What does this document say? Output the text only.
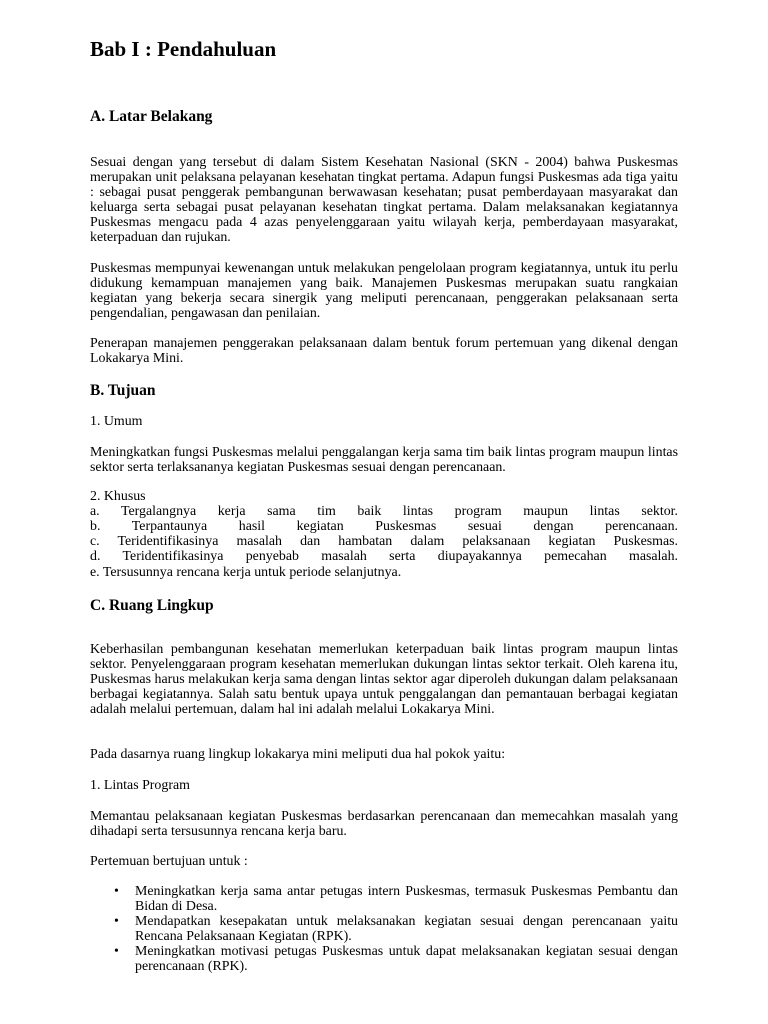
Bab I : Pendahuluan
A. Latar Belakang

Sesuai dengan yang tersebut di dalam Sistem Kesehatan Nasional (SKN - 2004) bahwa Puskesmas merupakan unit pelaksana pelayanan kesehatan tingkat pertama. Adapun fungsi Puskesmas ada tiga yaitu : sebagai pusat penggerak pembangunan berwawasan kesehatan; pusat pemberdayaan masyarakat dan keluarga serta sebagai pusat pelayanan kesehatan tingkat pertama. Dalam melaksanakan kegiatannya Puskesmas mengacu pada 4 azas penyelenggaraan yaitu wilayah kerja, pemberdayaan masyarakat, keterpaduan dan rujukan.

Puskesmas mempunyai kewenangan untuk melakukan pengelolaan program kegiatannya, untuk itu perlu didukung kemampuan manajemen yang baik. Manajemen Puskesmas merupakan suatu rangkaian kegiatan yang bekerja secara sinergik yang meliputi perencanaan, penggerakan pelaksanaan serta pengendalian, pengawasan dan penilaian.

Penerapan manajemen penggerakan pelaksanaan dalam bentuk forum pertemuan yang dikenal dengan Lokakarya Mini.

B. Tujuan

1. Umum

Meningkatkan fungsi Puskesmas melalui penggalangan kerja sama tim baik lintas program maupun lintas sektor serta terlaksananya kegiatan Puskesmas sesuai dengan perencanaan.

2. Khusus

a. Tergalangnya kerja sama tim baik lintas program maupun lintas sektor.

b. Terpantaunya hasil kegiatan Puskesmas sesuai dengan perencanaan.

c. Teridentifikasinya masalah dan hambatan dalam pelaksanaan kegiatan Puskesmas.

d. Teridentifikasinya penyebab masalah serta diupayakannya pemecahan masalah.

e. Tersusunnya rencana kerja untuk periode selanjutnya.

C. Ruang Lingkup

Keberhasilan pembangunan kesehatan memerlukan keterpaduan baik lintas program maupun lintas sektor. Penyelenggaraan program kesehatan memerlukan dukungan lintas sektor terkait. Oleh karena itu, Puskesmas harus melakukan kerja sama dengan lintas sektor agar diperoleh dukungan dalam pelaksanaan berbagai kegiatannya. Salah satu bentuk upaya untuk penggalangan dan pemantauan berbagai kegiatan adalah melalui pertemuan, dalam hal ini adalah melalui Lokakarya Mini.

Pada dasarnya ruang lingkup lokakarya mini meliputi dua hal pokok yaitu:

1. Lintas Program

Memantau pelaksanaan kegiatan Puskesmas berdasarkan perencanaan dan memecahkan masalah yang dihadapi serta tersusunnya rencana kerja baru.

Pertemuan bertujuan untuk :

• Meningkatkan kerja sama antar petugas intern Puskesmas, termasuk Puskesmas Pembantu dan Bidan di Desa.
• Mendapatkan kesepakatan untuk melaksanakan kegiatan sesuai dengan perencanaan yaitu Rencana Pelaksanaan Kegiatan (RPK).
• Meningkatkan motivasi petugas Puskesmas untuk dapat melaksanakan kegiatan sesuai dengan perencanaan (RPK).
